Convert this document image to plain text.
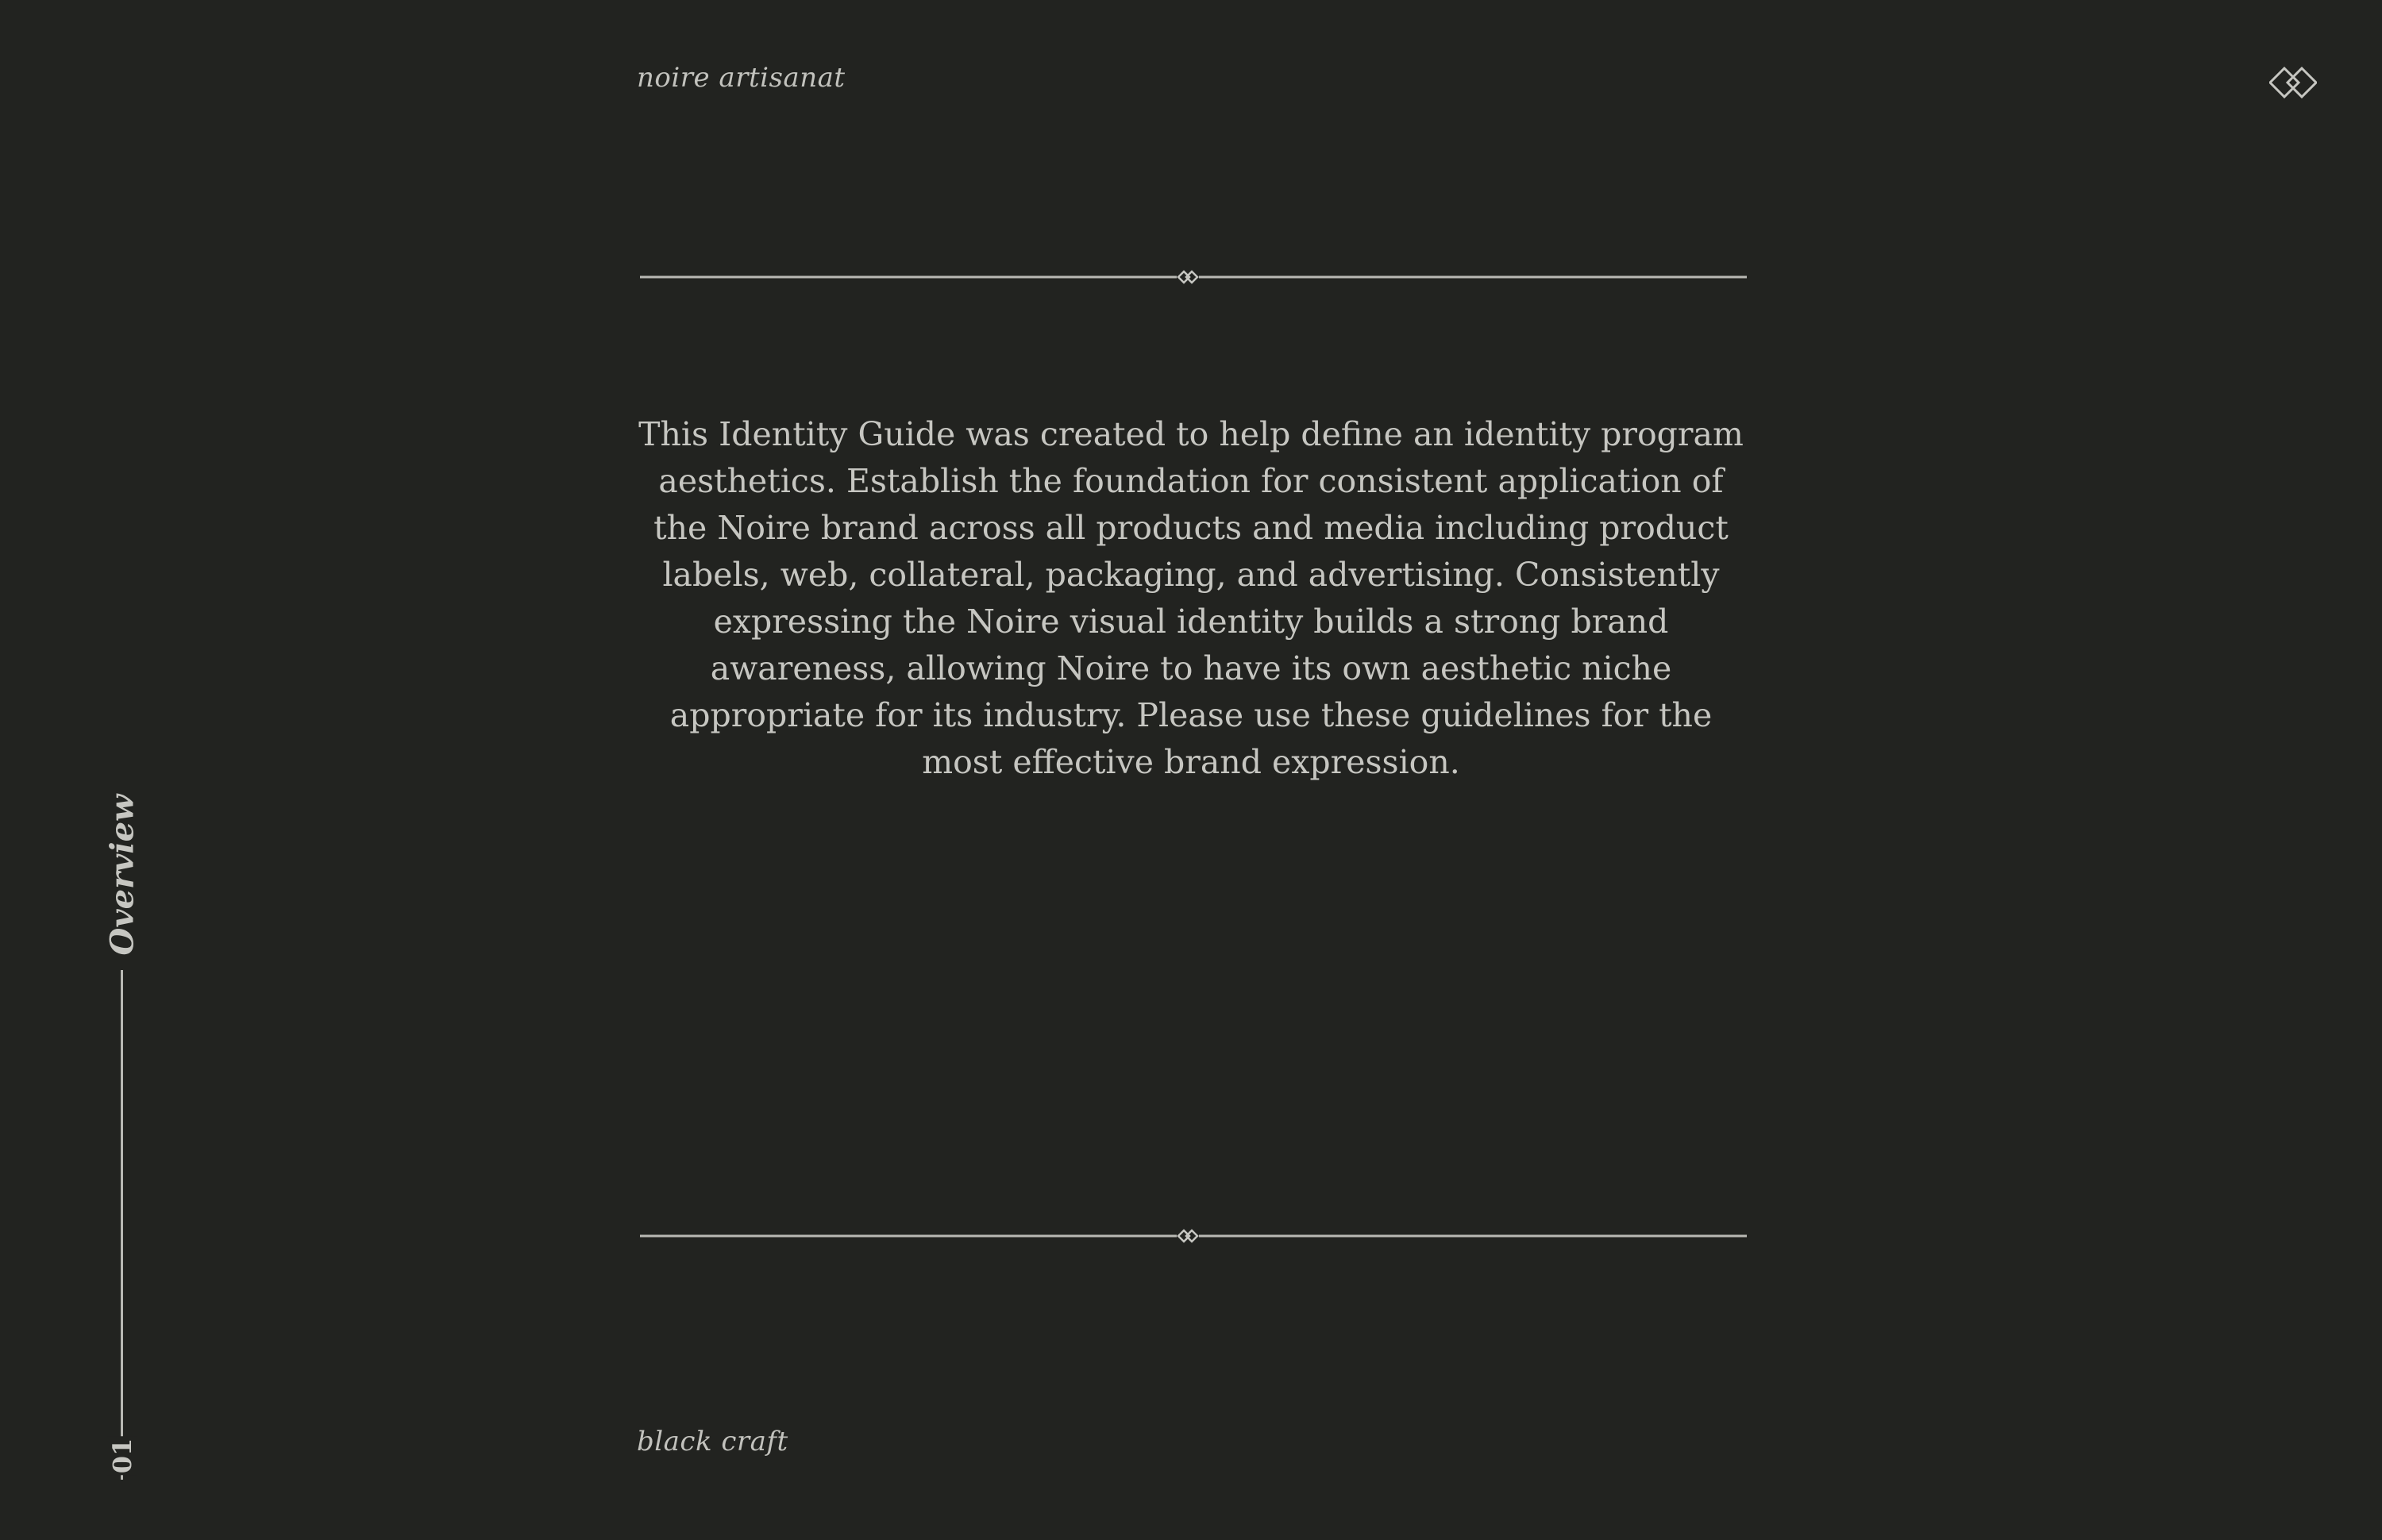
noire artisanat

This Identity Guide was created to help define an identity program aesthetics. Establish the foundation for consistent application of the Noire brand across all products and media including product labels, web, collateral, packaging, and advertising. Consistently expressing the Noire visual identity builds a strong brand awareness, allowing Noire to have its own aesthetic niche appropriate for its industry. Please use these guidelines for the most effective brand expression.

black craft
Overview
01
